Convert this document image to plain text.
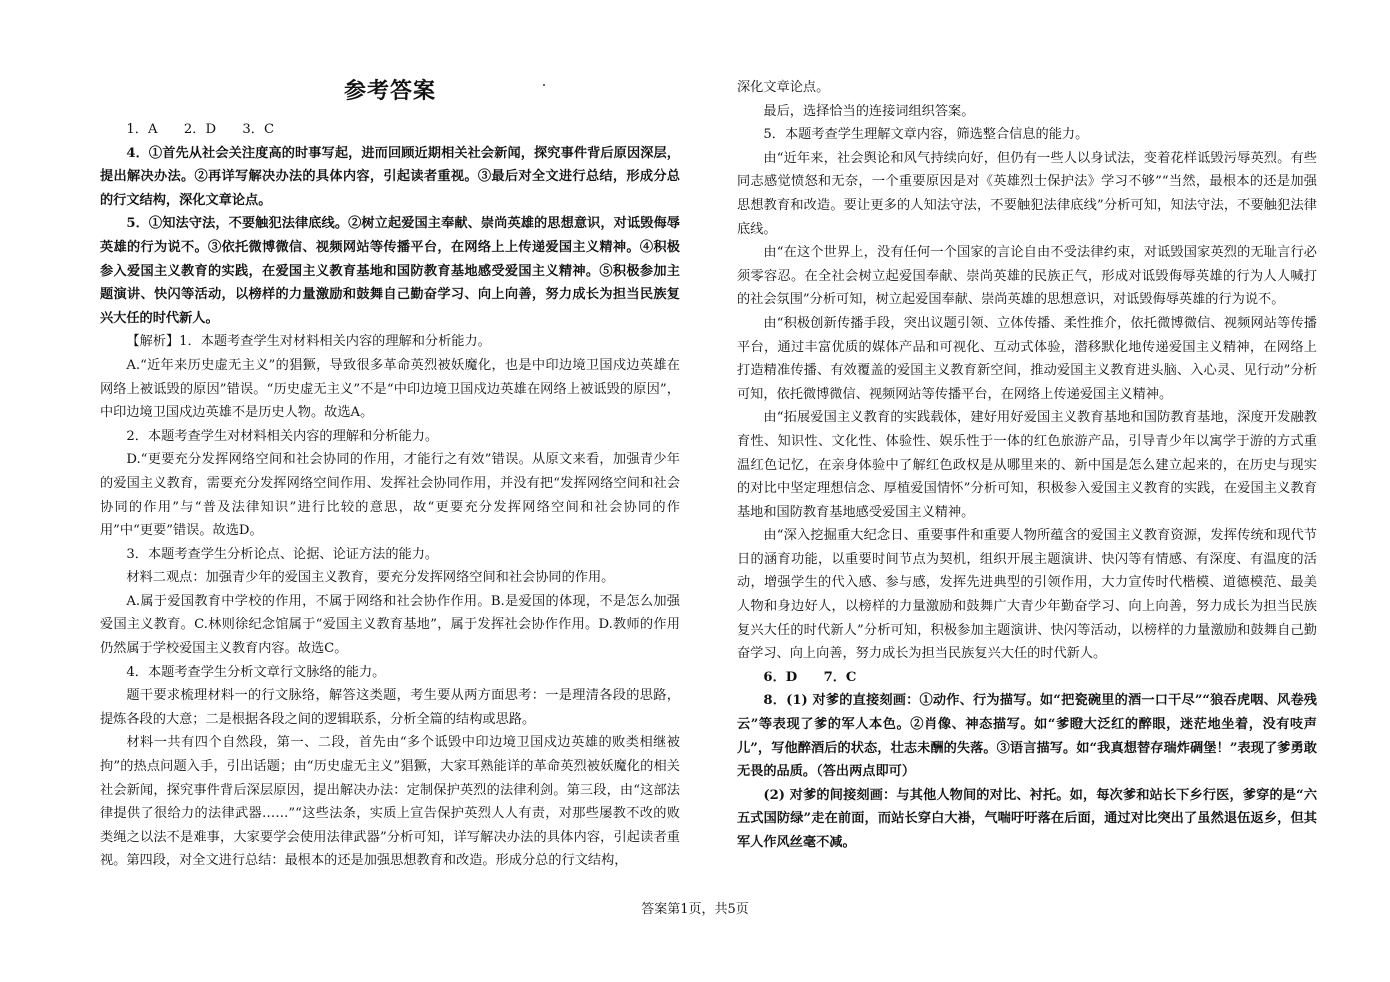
参考答案

1．A　　2．D　　3．C

4．①首先从社会关注度高的时事写起，进而回顾近期相关社会新闻，探究事件背后原因深层，提出解决办法。②再详写解决办法的具体内容，引起读者重视。③最后对全文进行总结，形成分总的行文结构，深化文章论点。

5．①知法守法，不要触犯法律底线。②树立起爱国主奉献、崇尚英雄的思想意识，对诋毁侮辱英雄的行为说不。③依托微博微信、视频网站等传播平台，在网络上上传递爱国主义精神。④积极参入爱国主义教育的实践，在爱国主义教育基地和国防教育基地感受爱国主义精神。⑤积极参加主题演讲、快闪等活动，以榜样的力量激励和鼓舞自己勤奋学习、向上向善，努力成长为担当民族复兴大任的时代新人。

【解析】1．本题考查学生对材料相关内容的理解和分析能力。

A.“近年来历史虚无主义”的猖獗，导致很多革命英烈被妖魔化，也是中印边境卫国戍边英雄在网络上被诋毁的原因”错误。“历史虚无主义”不是“中印边境卫国戍边英雄在网络上被诋毁的原因”，中印边境卫国戍边英雄不是历史人物。故选A。

2．本题考查学生对材料相关内容的理解和分析能力。

D.“更要充分发挥网络空间和社会协同的作用，才能行之有效”错误。从原文来看，加强青少年的爱国主义教育，需要充分发挥网络空间作用、发挥社会协同作用，并没有把“发挥网络空间和社会协同的作用”与“普及法律知识”进行比较的意思，故“更要充分发挥网络空间和社会协同的作用”中“更要”错误。故选D。

3．本题考查学生分析论点、论据、论证方法的能力。

材料二观点：加强青少年的爱国主义教育，要充分发挥网络空间和社会协同的作用。

A.属于爱国教育中学校的作用，不属于网络和社会协作作用。B.是爱国的体现，不是怎么加强爱国主义教育。C.林则徐纪念馆属于“爱国主义教育基地”，属于发挥社会协作作用。D.教师的作用仍然属于学校爱国主义教育内容。故选C。

4．本题考查学生分析文章行文脉络的能力。

题干要求梳理材料一的行文脉络，解答这类题，考生要从两方面思考：一是理清各段的思路，提炼各段的大意；二是根据各段之间的逻辑联系，分析全篇的结构或思路。

材料一共有四个自然段，第一、二段，首先由“多个诋毁中印边境卫国戍边英雄的败类相继被拘”的热点问题入手，引出话题；由“历史虚无主义”猖獗，大家耳熟能详的革命英烈被妖魔化的相关社会新闻，探究事件背后深层原因，提出解决办法：定制保护英烈的法律利剑。第三段，由“这部法律提供了很给力的法律武器……”“这些法条，实质上宣告保护英烈人人有责，对那些屡教不改的败类绳之以法不是难事，大家要学会使用法律武器”分析可知，详写解决办法的具体内容，引起读者重视。第四段，对全文进行总结：最根本的还是加强思想教育和改造。形成分总的行文结构，

深化文章论点。

最后，选择恰当的连接词组织答案。

5．本题考查学生理解文章内容，筛选整合信息的能力。

由“近年来，社会舆论和风气持续向好，但仍有一些人以身试法，变着花样诋毁污辱英烈。有些同志感觉愤怒和无奈，一个重要原因是对《英雄烈士保护法》学习不够”“当然，最根本的还是加强思想教育和改造。要让更多的人知法守法，不要触犯法律底线”分析可知，知法守法，不要触犯法律底线。

由“在这个世界上，没有任何一个国家的言论自由不受法律约束，对诋毁国家英烈的无耻言行必须零容忍。在全社会树立起爱国奉献、崇尚英雄的民族正气，形成对诋毁侮辱英雄的行为人人喊打的社会氛围”分析可知，树立起爱国奉献、崇尚英雄的思想意识，对诋毁侮辱英雄的行为说不。

由“积极创新传播手段，突出议题引领、立体传播、柔性推介，依托微博微信、视频网站等传播平台，通过丰富优质的媒体产品和可视化、互动式体验，潜移默化地传递爱国主义精神，在网络上打造精准传播、有效覆盖的爱国主义教育新空间，推动爱国主义教育进头脑、入心灵、见行动”分析可知，依托微博微信、视频网站等传播平台，在网络上传递爱国主义精神。

由“拓展爱国主义教育的实践载体，建好用好爱国主义教育基地和国防教育基地，深度开发融教育性、知识性、文化性、体验性、娱乐性于一体的红色旅游产品，引导青少年以寓学于游的方式重温红色记忆，在亲身体验中了解红色政权是从哪里来的、新中国是怎么建立起来的，在历史与现实的对比中坚定理想信念、厚植爱国情怀”分析可知，积极参入爱国主义教育的实践，在爱国主义教育基地和国防教育基地感受爱国主义精神。

由“深入挖掘重大纪念日、重要事件和重要人物所蕴含的爱国主义教育资源，发挥传统和现代节日的涵育功能，以重要时间节点为契机，组织开展主题演讲、快闪等有情感、有深度、有温度的活动，增强学生的代入感、参与感，发挥先进典型的引领作用，大力宣传时代楷模、道德模范、最美人物和身边好人，以榜样的力量激励和鼓舞广大青少年勤奋学习、向上向善，努力成长为担当民族复兴大任的时代新人”分析可知，积极参加主题演讲、快闪等活动，以榜样的力量激励和鼓舞自己勤奋学习、向上向善，努力成长为担当民族复兴大任的时代新人。

6．D　　7．C

8．(1) 对爹的直接刻画：①动作、行为描写。如“把瓷碗里的酒一口干尽”“狼吞虎咽、风卷残云”等表现了爹的军人本色。②肖像、神态描写。如“爹瞪大泛红的醉眼，迷茫地坐着，没有吱声儿”，写他醉酒后的状态，壮志未酬的失落。③语言描写。如“我真想替存瑞炸碉堡！”表现了爹勇敢无畏的品质。（答出两点即可）

(2) 对爹的间接刻画：与其他人物间的对比、衬托。如，每次爹和站长下乡行医，爹穿的是“六五式国防绿”走在前面，而站长穿白大褂，气喘吁吁落在后面，通过对比突出了虽然退伍返乡，但其军人作风丝毫不减。

答案第1页，共5页
